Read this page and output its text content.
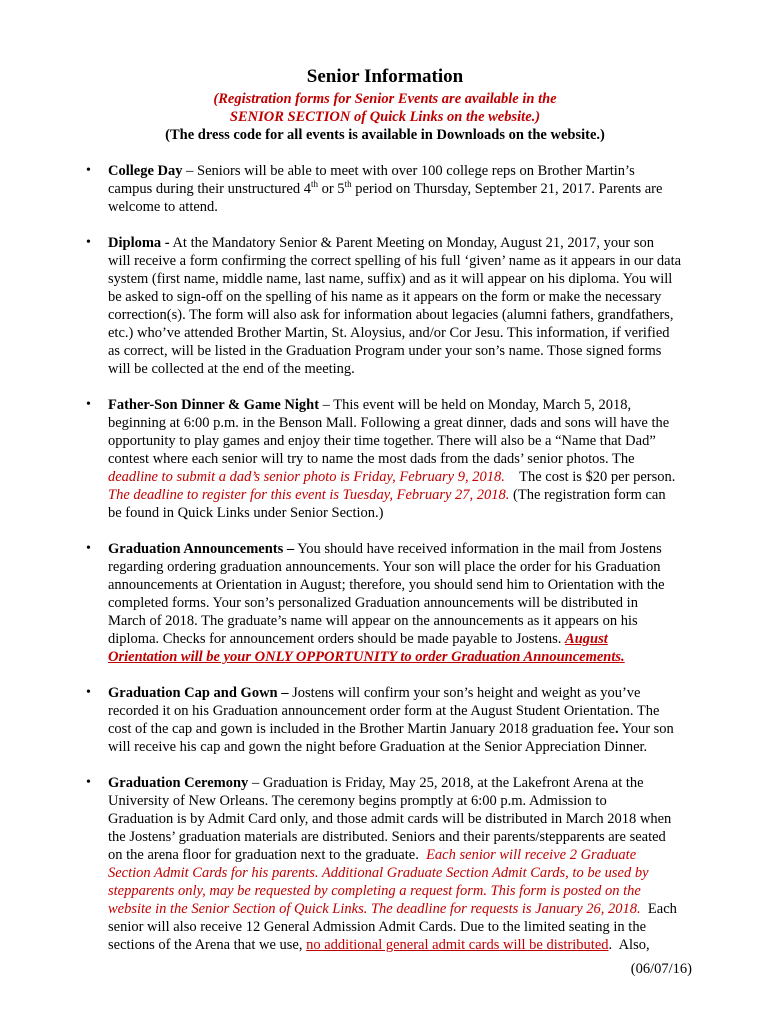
Senior Information
(Registration forms for Senior Events are available in the
SENIOR SECTION of Quick Links on the website.)
(The dress code for all events is available in Downloads on the website.)
• College Day – Seniors will be able to meet with over 100 college reps on Brother Martin’s
campus during their unstructured 4th or 5th period on Thursday, September 21, 2017. Parents are
welcome to attend.
• Diploma - At the Mandatory Senior & Parent Meeting on Monday, August 21, 2017, your son
will receive a form confirming the correct spelling of his full ‘given’ name as it appears in our data
system (first name, middle name, last name, suffix) and as it will appear on his diploma. You will
be asked to sign-off on the spelling of his name as it appears on the form or make the necessary
correction(s). The form will also ask for information about legacies (alumni fathers, grandfathers,
etc.) who’ve attended Brother Martin, St. Aloysius, and/or Cor Jesu. This information, if verified
as correct, will be listed in the Graduation Program under your son’s name. Those signed forms
will be collected at the end of the meeting.
• Father-Son Dinner & Game Night – This event will be held on Monday, March 5, 2018,
beginning at 6:00 p.m. in the Benson Mall. Following a great dinner, dads and sons will have the
opportunity to play games and enjoy their time together. There will also be a “Name that Dad”
contest where each senior will try to name the most dads from the dads’ senior photos. The
deadline to submit a dad’s senior photo is Friday, February 9, 2018.    The cost is $20 per person.
The deadline to register for this event is Tuesday, February 27, 2018. (The registration form can
be found in Quick Links under Senior Section.)
• Graduation Announcements – You should have received information in the mail from Jostens
regarding ordering graduation announcements. Your son will place the order for his Graduation
announcements at Orientation in August; therefore, you should send him to Orientation with the
completed forms. Your son’s personalized Graduation announcements will be distributed in
March of 2018. The graduate’s name will appear on the announcements as it appears on his
diploma. Checks for announcement orders should be made payable to Jostens. August
Orientation will be your ONLY OPPORTUNITY to order Graduation Announcements.
• Graduation Cap and Gown – Jostens will confirm your son’s height and weight as you’ve
recorded it on his Graduation announcement order form at the August Student Orientation. The
cost of the cap and gown is included in the Brother Martin January 2018 graduation fee. Your son
will receive his cap and gown the night before Graduation at the Senior Appreciation Dinner.
• Graduation Ceremony – Graduation is Friday, May 25, 2018, at the Lakefront Arena at the
University of New Orleans. The ceremony begins promptly at 6:00 p.m. Admission to
Graduation is by Admit Card only, and those admit cards will be distributed in March 2018 when
the Jostens’ graduation materials are distributed. Seniors and their parents/stepparents are seated
on the arena floor for graduation next to the graduate.  Each senior will receive 2 Graduate
Section Admit Cards for his parents. Additional Graduate Section Admit Cards, to be used by
stepparents only, may be requested by completing a request form. This form is posted on the
website in the Senior Section of Quick Links. The deadline for requests is January 26, 2018.  Each
senior will also receive 12 General Admission Admit Cards. Due to the limited seating in the
sections of the Arena that we use, no additional general admit cards will be distributed.  Also,
(06/07/16)
